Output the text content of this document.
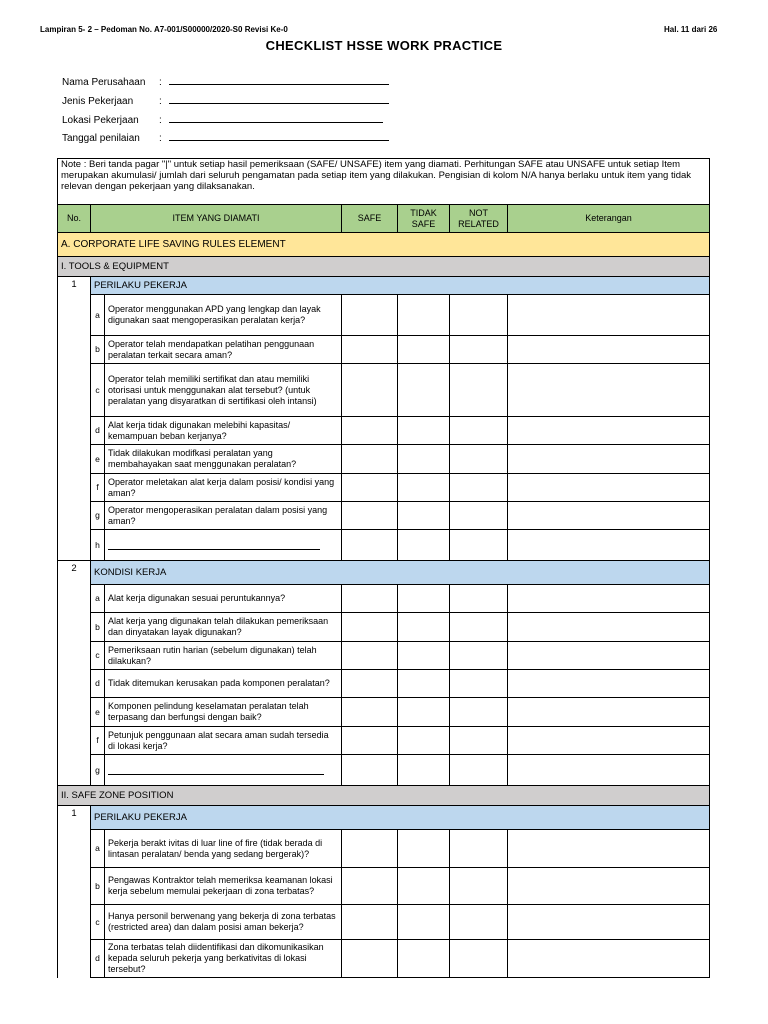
Lampiran 5- 2 – Pedoman No. A7-001/S00000/2020-S0 Revisi Ke-0	Hal. 11 dari 26
CHECKLIST HSSE WORK PRACTICE
Nama Perusahaan	:
Jenis Pekerjaan	:
Lokasi Pekerjaan	:
Tanggal penilaian	:
Note : Beri tanda pagar "|" untuk setiap hasil pemeriksaan (SAFE/ UNSAFE) item yang diamati. Perhitungan SAFE atau UNSAFE untuk setiap Item merupakan akumulasi/ jumlah dari seluruh pengamatan pada setiap item yang dilakukan. Pengisian di kolom N/A hanya berlaku untuk item yang tidak relevan dengan pekerjaan yang dilaksanakan.						
No.	ITEM YANG DIAMATI		SAFE	TIDAK SAFE	NOT RELATED	Keterangan
A. CORPORATE LIFE SAVING RULES ELEMENT						
I. TOOLS & EQUIPMENT						
1	PERILAKU PEKERJA					
	a	Operator menggunakan APD yang lengkap dan layak digunakan saat mengoperasikan peralatan kerja?				
	b	Operator telah mendapatkan pelatihan penggunaan peralatan terkait secara aman?				
	c	Operator telah memiliki sertifikat dan atau memiliki otorisasi untuk menggunakan alat tersebut? (untuk peralatan yang disyaratkan di sertifikasi oleh intansi)				
	d	Alat kerja tidak digunakan melebihi kapasitas/ kemampuan beban kerjanya?				
	e	Tidak dilakukan modifkasi peralatan yang membahayakan saat menggunakan peralatan?				
	f	Operator meletakan alat kerja dalam posisi/ kondisi yang aman?				
	g	Operator mengoperasikan peralatan dalam posisi yang aman?				
	h	

2	KONDISI KERJA					
	a	Alat kerja digunakan sesuai peruntukannya?				
	b	Alat kerja yang digunakan telah dilakukan pemeriksaan dan dinyatakan layak digunakan?				
	c	Pemeriksaan rutin harian (sebelum digunakan) telah dilakukan?				
	d	Tidak ditemukan kerusakan pada komponen peralatan?				
	e	Komponen pelindung keselamatan peralatan telah terpasang dan berfungsi dengan baik?				
	f	Petunjuk penggunaan alat secara aman sudah tersedia di lokasi kerja?				
	g	

II. SAFE ZONE POSITION						
1	PERILAKU PEKERJA					
	a	Pekerja berakt ivitas di luar line of fire (tidak berada di lintasan peralatan/ benda yang sedang bergerak)?				
	b	Pengawas Kontraktor telah memeriksa keamanan lokasi kerja sebelum memulai pekerjaan di zona terbatas?				
	c	Hanya personil berwenang yang bekerja di zona terbatas (restricted area) dan dalam posisi aman bekerja?				
	d	Zona terbatas telah diidentifikasi dan dikomunikasikan kepada seluruh pekerja yang berkativitas di lokasi tersebut?				
